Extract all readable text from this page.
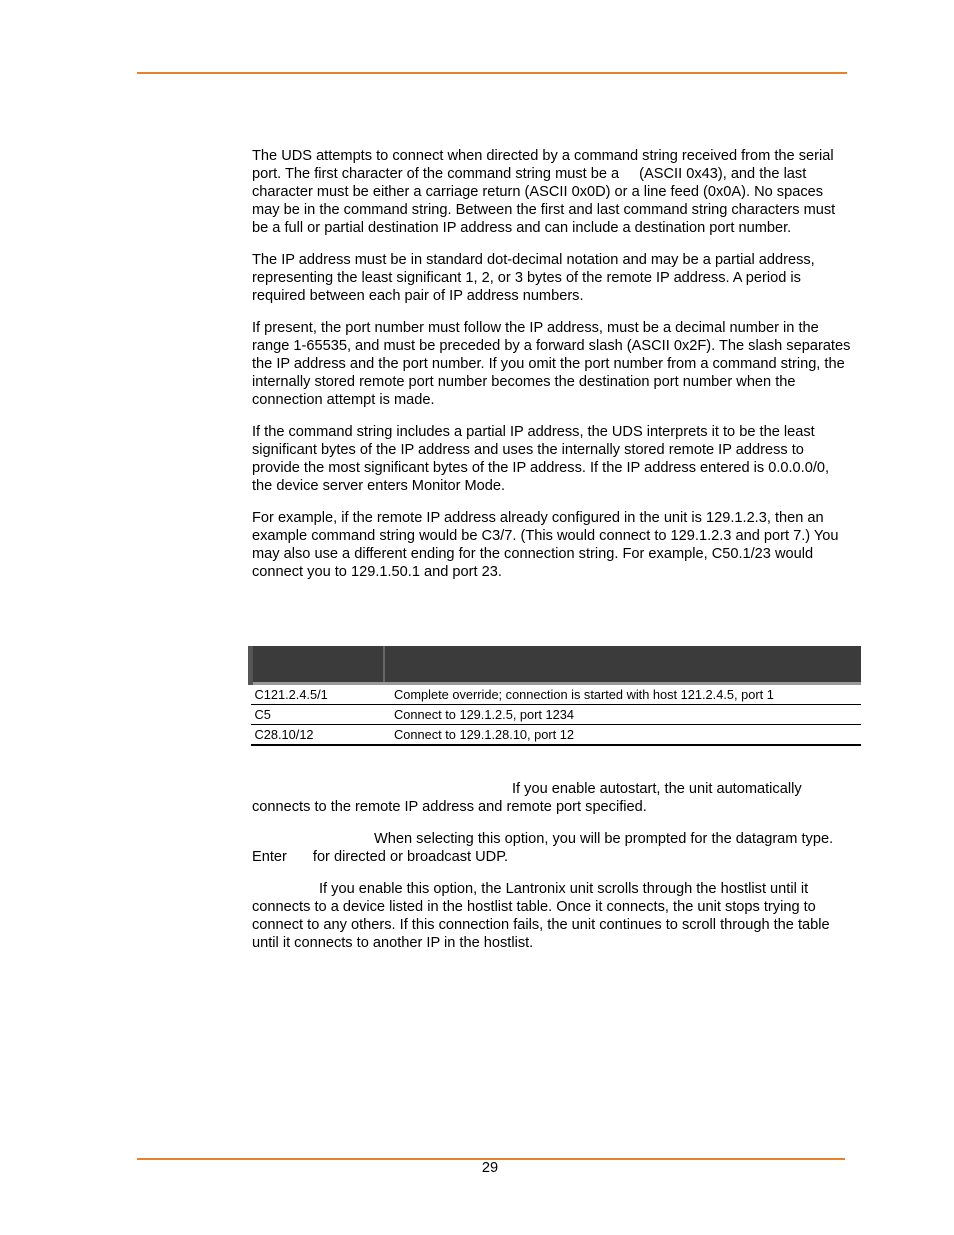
The UDS attempts to connect when directed by a command string received from the serial port. The first character of the command string must be a (ASCII 0x43), and the last character must be either a carriage return (ASCII 0x0D) or a line feed (0x0A). No spaces may be in the command string. Between the first and last command string characters must be a full or partial destination IP address and can include a destination port number.

The IP address must be in standard dot-decimal notation and may be a partial address, representing the least significant 1, 2, or 3 bytes of the remote IP address. A period is required between each pair of IP address numbers.

If present, the port number must follow the IP address, must be a decimal number in the range 1-65535, and must be preceded by a forward slash (ASCII 0x2F). The slash separates the IP address and the port number. If you omit the port number from a command string, the internally stored remote port number becomes the destination port number when the connection attempt is made.

If the command string includes a partial IP address, the UDS interprets it to be the least significant bytes of the IP address and uses the internally stored remote IP address to provide the most significant bytes of the IP address. If the IP address entered is 0.0.0.0/0, the device server enters Monitor Mode.

For example, if the remote IP address already configured in the unit is 129.1.2.3, then an example command string would be C3/7. (This would connect to 129.1.2.3 and port 7.) You may also use a different ending for the connection string. For example, C50.1/23 would connect you to 129.1.50.1 and port 23.

C121.2.4.5/1	Complete override; connection is started with host 121.2.4.5, port 1
C5	Connect to 129.1.2.5, port 1234
C28.10/12	Connect to 129.1.28.10, port 12

If you enable autostart, the unit automatically connects to the remote IP address and remote port specified.

When selecting this option, you will be prompted for the datagram type. Enter for directed or broadcast UDP.

If you enable this option, the Lantronix unit scrolls through the hostlist until it connects to a device listed in the hostlist table. Once it connects, the unit stops trying to connect to any others. If this connection fails, the unit continues to scroll through the table until it connects to another IP in the hostlist.

29
